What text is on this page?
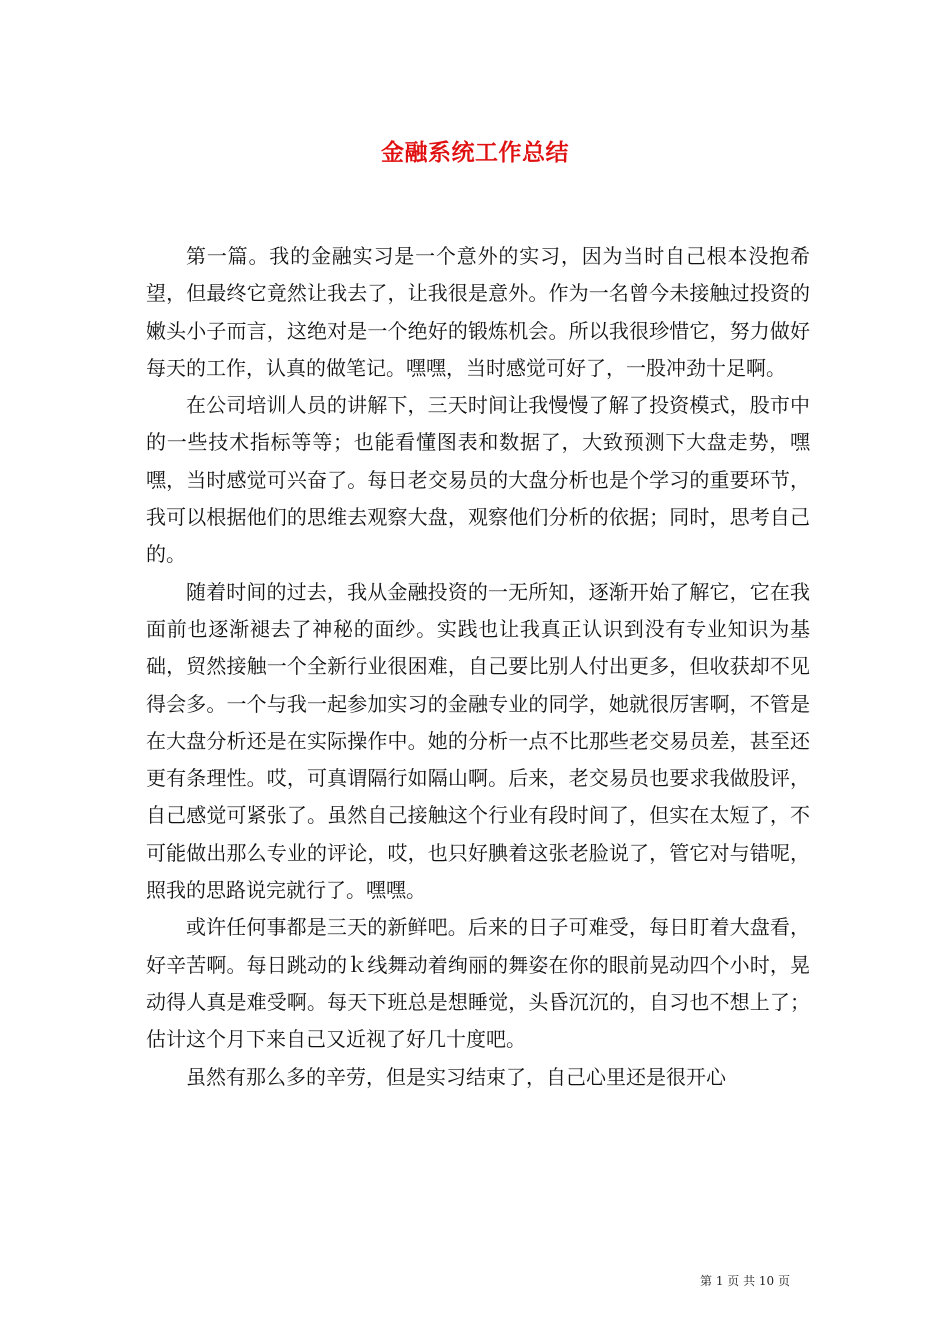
金融系统工作总结

第一篇。我的金融实习是一个意外的实习，因为当时自己根本没抱希望，但最终它竟然让我去了，让我很是意外。作为一名曾今未接触过投资的嫩头小子而言，这绝对是一个绝好的锻炼机会。所以我很珍惜它，努力做好每天的工作，认真的做笔记。嘿嘿，当时感觉可好了，一股冲劲十足啊。

在公司培训人员的讲解下，三天时间让我慢慢了解了投资模式，股市中的一些技术指标等等；也能看懂图表和数据了，大致预测下大盘走势，嘿嘿，当时感觉可兴奋了。每日老交易员的大盘分析也是个学习的重要环节，我可以根据他们的思维去观察大盘，观察他们分析的依据；同时，思考自己的。

随着时间的过去，我从金融投资的一无所知，逐渐开始了解它，它在我面前也逐渐褪去了神秘的面纱。实践也让我真正认识到没有专业知识为基础，贸然接触一个全新行业很困难，自己要比别人付出更多，但收获却不见得会多。一个与我一起参加实习的金融专业的同学，她就很厉害啊，不管是在大盘分析还是在实际操作中。她的分析一点不比那些老交易员差，甚至还更有条理性。哎，可真谓隔行如隔山啊。后来，老交易员也要求我做股评，自己感觉可紧张了。虽然自己接触这个行业有段时间了，但实在太短了，不可能做出那么专业的评论，哎，也只好腆着这张老脸说了，管它对与错呢，照我的思路说完就行了。嘿嘿。

或许任何事都是三天的新鲜吧。后来的日子可难受，每日盯着大盘看，好辛苦啊。每日跳动的ｋ线舞动着绚丽的舞姿在你的眼前晃动四个小时，晃动得人真是难受啊。每天下班总是想睡觉，头昏沉沉的，自习也不想上了；估计这个月下来自己又近视了好几十度吧。

虽然有那么多的辛劳，但是实习结束了，自己心里还是很开心

第 1 页 共 10 页
